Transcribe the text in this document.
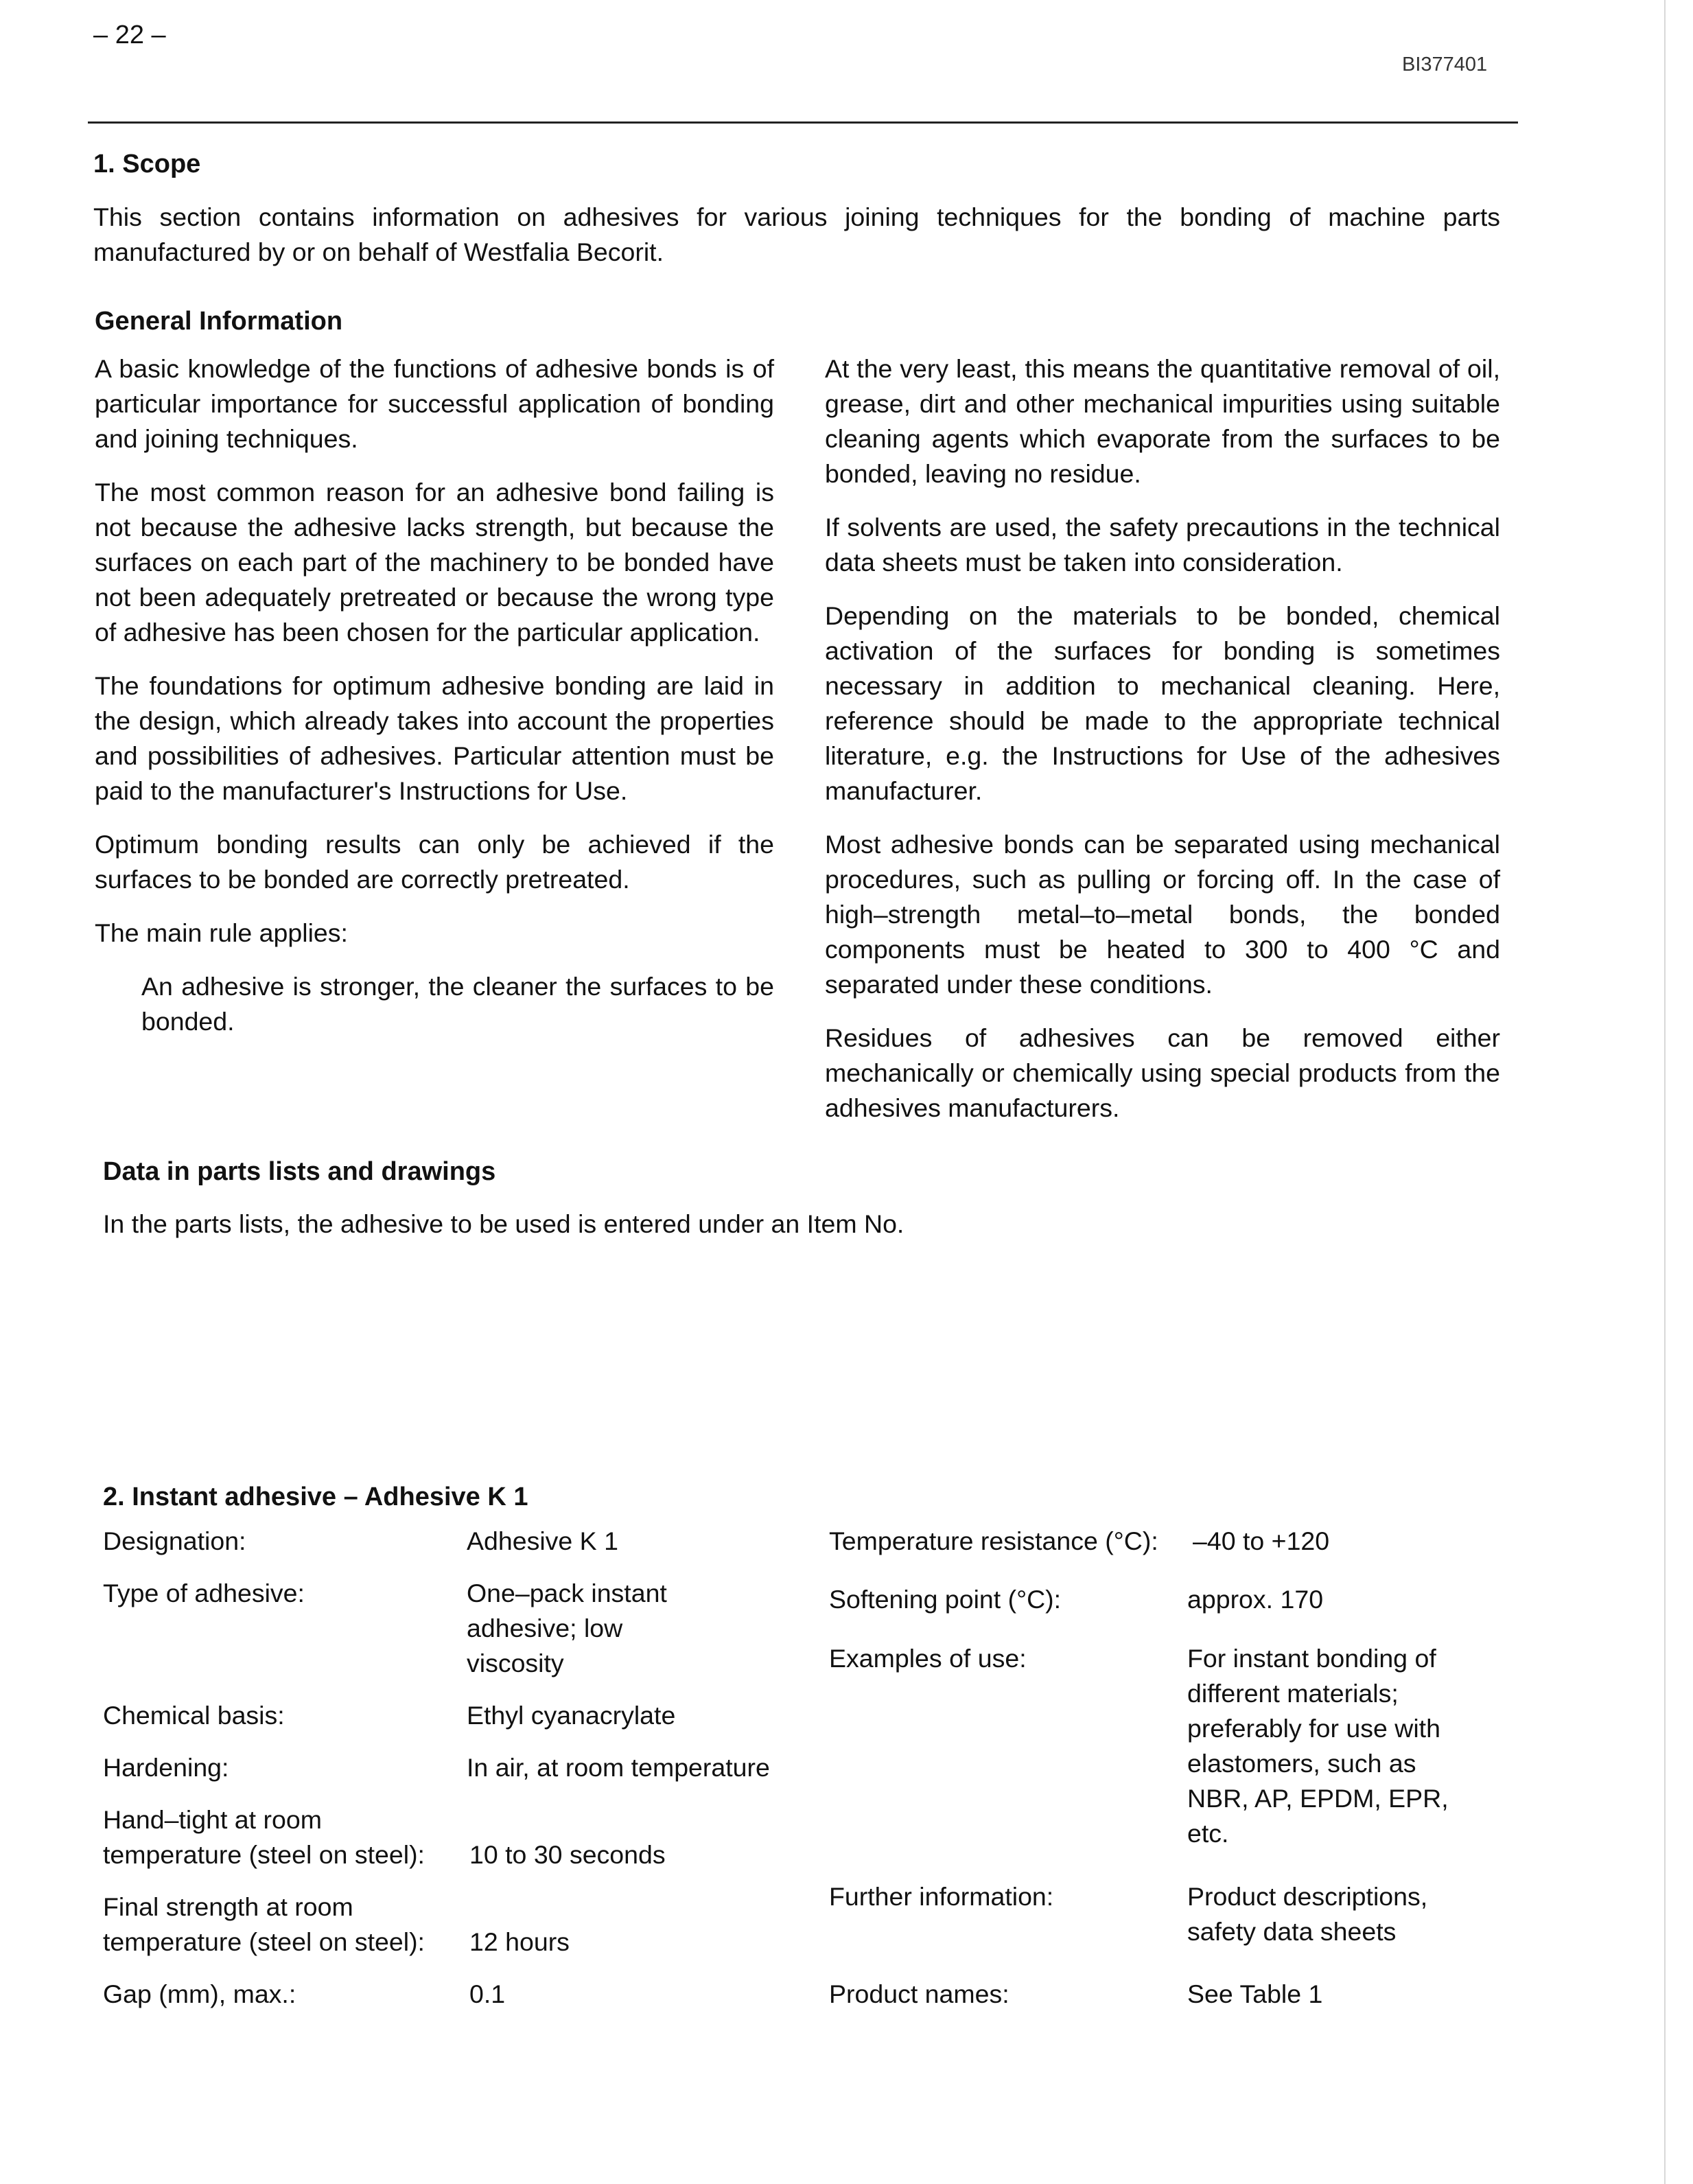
– 22 –
BI377401
1. Scope

This section contains information on adhesives for various joining techniques for the bonding of machine parts manufactured by or on behalf of Westfalia Becorit.

General Information

A basic knowledge of the functions of adhesive bonds is of particular importance for successful application of bonding and joining techniques.

The most common reason for an adhesive bond failing is not because the adhesive lacks strength, but because the surfaces on each part of the machinery to be bonded have not been adequately pretreated or because the wrong type of adhesive has been chosen for the particular application.

The foundations for optimum adhesive bonding are laid in the design, which already takes into account the properties and possibilities of adhesives. Particular attention must be paid to the manufacturer's Instructions for Use.

Optimum bonding results can only be achieved if the surfaces to be bonded are correctly pretreated.

The main rule applies:

An adhesive is stronger, the cleaner the surfaces to be bonded.

At the very least, this means the quantitative removal of oil, grease, dirt and other mechanical impurities using suitable cleaning agents which evaporate from the surfaces to be bonded, leaving no residue.

If solvents are used, the safety precautions in the technical data sheets must be taken into consideration.

Depending on the materials to be bonded, chemical activation of the surfaces for bonding is sometimes necessary in addition to mechanical cleaning. Here, reference should be made to the appropriate technical literature, e.g. the Instructions for Use of the adhesives manufacturer.

Most adhesive bonds can be separated using mechanical procedures, such as pulling or forcing off. In the case of high–strength metal–to–metal bonds, the bonded components must be heated to 300 to 400 °C and separated under these conditions.

Residues of adhesives can be removed either mechanically or chemically using special products from the adhesives manufacturers.

Data in parts lists and drawings
In the parts lists, the adhesive to be used is entered under an Item No.
2. Instant adhesive – Adhesive K 1
Designation:	Adhesive K 1
Type of adhesive:	One–pack instant adhesive; low viscosity
Chemical basis:	Ethyl cyanacrylate
Hardening:	In air, at room temperature
Hand–tight at room temperature (steel on steel):	10 to 30 seconds
Final strength at room temperature (steel on steel):	12 hours
Gap (mm), max.:	0.1
Temperature resistance (°C):	–40 to +120
Softening point (°C):	approx. 170
Examples of use:	For instant bonding of different materials; preferably for use with elastomers, such as NBR, AP, EPDM, EPR, etc.
Further information:	Product descriptions, safety data sheets
Product names:	See Table 1
